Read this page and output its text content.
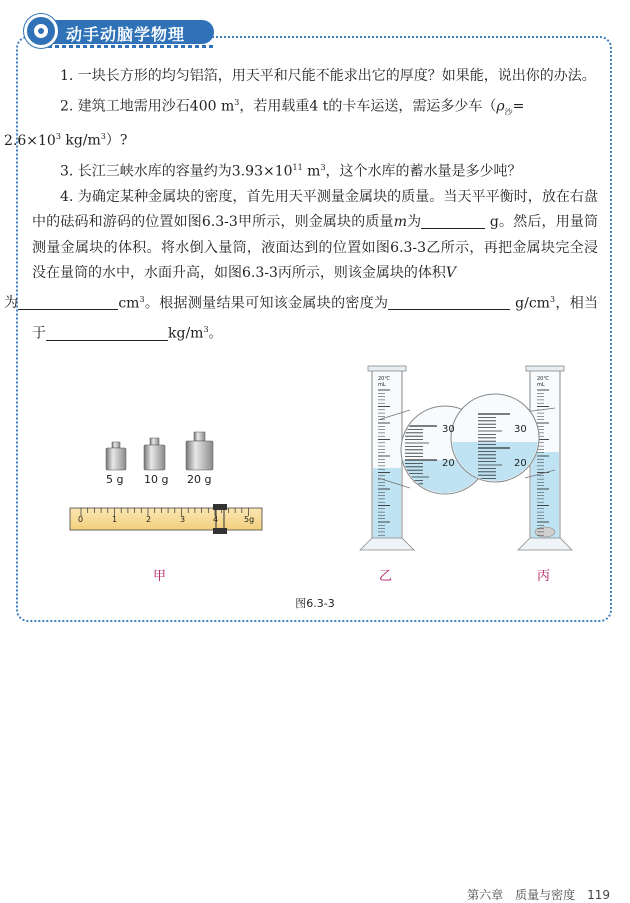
动手动脑学物理

1. 一块长方形的均匀铝箔，用天平和尺能不能求出它的厚度？如果能，说出你的办法。

2. 建筑工地需用沙石400 $m^3$，若用载重4 t的卡车运送，需运多少车（$\rho_沙=$
$2.6\times 10^3$ $kg/m^3$）?

3. 长江三峡水库的容量约为$3.93\times 10^{11}$ $m^3$，这个水库的蓄水量是多少吨？

4. 为确定某种金属块的密度，首先用天平测量金属块的质量。当天平平衡时，放在右盘中的砝码和游码的位置如图6.3-3甲所示，则金属块的质量m为	g。然后，用量筒测量金属块的体积。将水倒入量筒，液面达到的位置如图6.3-3乙所示，再把金属块完全浸没在量筒的水中，水面升高，如图6.3-3丙所示，则该金属块的体积V
为	$cm^3$。根据测量结果可知该金属块的密度为	$g/cm^3$，相当于	$kg/m^3$。

5 g 10 g 20 g
0	1	2	3	4	5g
20℃
mL
20℃
mL
30
20
30
20
甲	乙	丙
图6.3-3
第六章　质量与密度　119
